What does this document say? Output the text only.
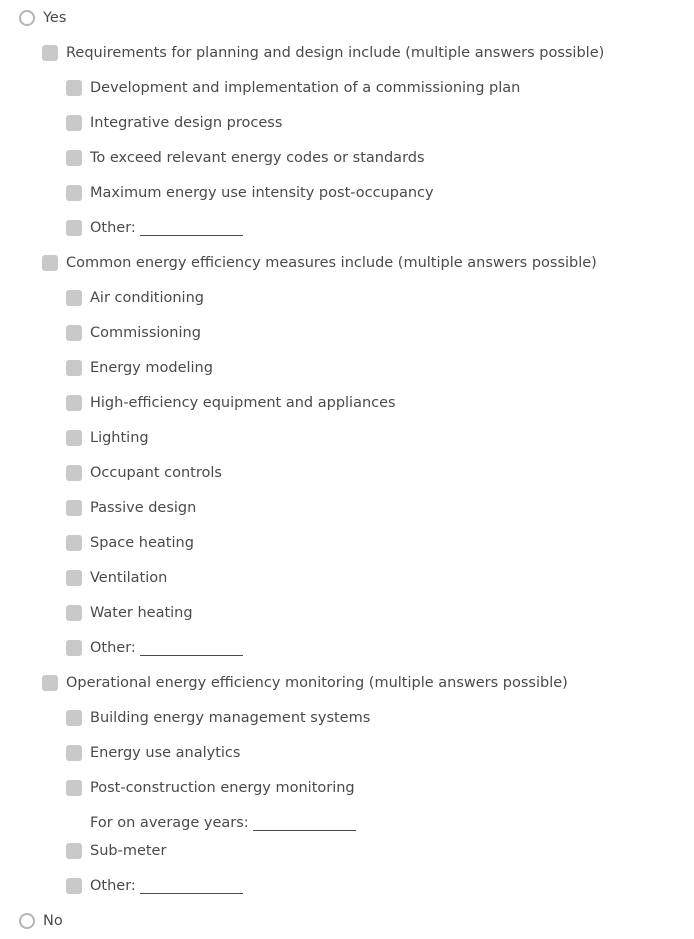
Yes
Requirements for planning and design include (multiple answers possible)
Development and implementation of a commissioning plan
Integrative design process
To exceed relevant energy codes or standards
Maximum energy use intensity post-occupancy
Other:
Common energy efficiency measures include (multiple answers possible)
Air conditioning
Commissioning
Energy modeling
High-efficiency equipment and appliances
Lighting
Occupant controls
Passive design
Space heating
Ventilation
Water heating
Other:
Operational energy efficiency monitoring (multiple answers possible)
Building energy management systems
Energy use analytics
Post-construction energy monitoring
For on average years:
Sub-meter
Other:
No
